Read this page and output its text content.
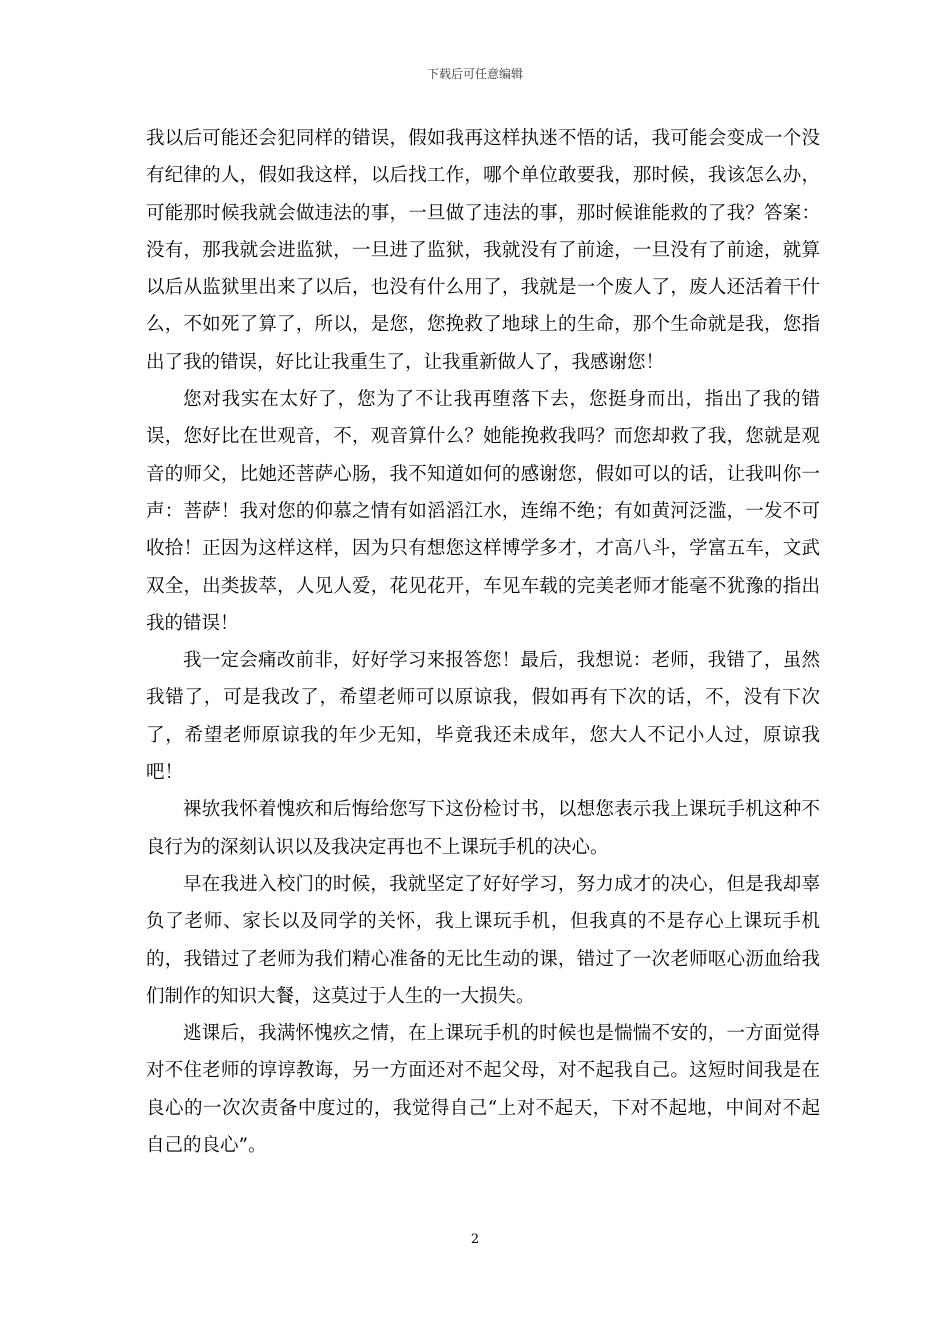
下载后可任意编辑

我以后可能还会犯同样的错误，假如我再这样执迷不悟的话，我可能会变成一个没有纪律的人，假如我这样，以后找工作，哪个单位敢要我，那时候，我该怎么办，可能那时候我就会做违法的事，一旦做了违法的事，那时候谁能救的了我？答案：没有，那我就会进监狱，一旦进了监狱，我就没有了前途，一旦没有了前途，就算以后从监狱里出来了以后，也没有什么用了，我就是一个废人了，废人还活着干什么，不如死了算了，所以，是您，您挽救了地球上的生命，那个生命就是我，您指出了我的错误，好比让我重生了，让我重新做人了，我感谢您！

您对我实在太好了，您为了不让我再堕落下去，您挺身而出，指出了我的错误，您好比在世观音，不，观音算什么？她能挽救我吗？而您却救了我，您就是观音的师父，比她还菩萨心肠，我不知道如何的感谢您，假如可以的话，让我叫你一声：菩萨！我对您的仰慕之情有如滔滔江水，连绵不绝；有如黄河泛滥，一发不可收拾！正因为这样这样，因为只有想您这样博学多才，才高八斗，学富五车，文武双全，出类拔萃，人见人爱，花见花开，车见车载的完美老师才能毫不犹豫的指出我的错误！

我一定会痛改前非，好好学习来报答您！最后，我想说：老师，我错了，虽然我错了，可是我改了，希望老师可以原谅我，假如再有下次的话，不，没有下次了，希望老师原谅我的年少无知，毕竟我还未成年，您大人不记小人过，原谅我吧！

祼欤我怀着愧疚和后悔给您写下这份检讨书，以想您表示我上课玩手机这种不良行为的深刻认识以及我决定再也不上课玩手机的决心。

早在我进入校门的时候，我就坚定了好好学习，努力成才的决心，但是我却辜负了老师、家长以及同学的关怀，我上课玩手机，但我真的不是存心上课玩手机的，我错过了老师为我们精心准备的无比生动的课，错过了一次老师呕心沥血给我们制作的知识大餐，这莫过于人生的一大损失。

逃课后，我满怀愧疚之情，在上课玩手机的时候也是惴惴不安的，一方面觉得对不住老师的谆谆教诲，另一方面还对不起父母，对不起我自己。这短时间我是在良心的一次次责备中度过的，我觉得自己“上对不起天，下对不起地，中间对不起自己的良心”。

2
